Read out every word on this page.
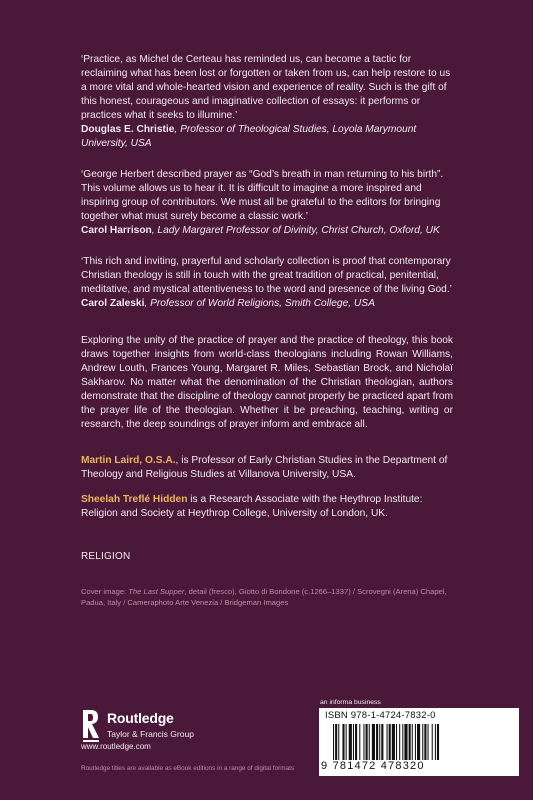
‘Practice, as Michel de Certeau has reminded us, can become a tactic for reclaiming what has been lost or forgotten or taken from us, can help restore to us a more vital and whole-hearted vision and experience of reality. Such is the gift of this honest, courageous and imaginative collection of essays: it performs or practices what it seeks to illumine.’

Douglas E. Christie, Professor of Theological Studies, Loyola Marymount University, USA

‘George Herbert described prayer as “God’s breath in man returning to his birth”. This volume allows us to hear it. It is difficult to imagine a more inspired and inspiring group of contributors. We must all be grateful to the editors for bringing together what must surely become a classic work.’

Carol Harrison, Lady Margaret Professor of Divinity, Christ Church, Oxford, UK

‘This rich and inviting, prayerful and scholarly collection is proof that contemporary Christian theology is still in touch with the great tradition of practical, penitential, meditative, and mystical attentiveness to the word and presence of the living God.’

Carol Zaleski, Professor of World Religions, Smith College, USA

Exploring the unity of the practice of prayer and the practice of theology, this book draws together insights from world-class theologians including Rowan Williams, Andrew Louth, Frances Young, Margaret R. Miles, Sebastian Brock, and Nicholaï Sakharov. No matter what the denomination of the Christian theologian, authors demonstrate that the discipline of theology cannot properly be practiced apart from the prayer life of the theologian. Whether it be preaching, teaching, writing or research, the deep soundings of prayer inform and embrace all.
Martin Laird, O.S.A., is Professor of Early Christian Studies in the Department of Theology and Religious Studies at Villanova University, USA.
Sheelah Treflé Hidden is a Research Associate with the Heythrop Institute: Religion and Society at Heythrop College, University of London, UK.
RELIGION
Cover image: The Last Supper, detail (fresco), Giotto di Bondone (c.1266–1337) / Scrovegni (Arena) Chapel, Padua, Italy / Cameraphoto Arte Venezia / Bridgeman Images
Routledge
Taylor & Francis Group
www.routledge.com
Routledge titles are available as eBook editions in a range of digital formats
an informa business
ISBN 978-1-4724-7832-0
9 781472 478320
